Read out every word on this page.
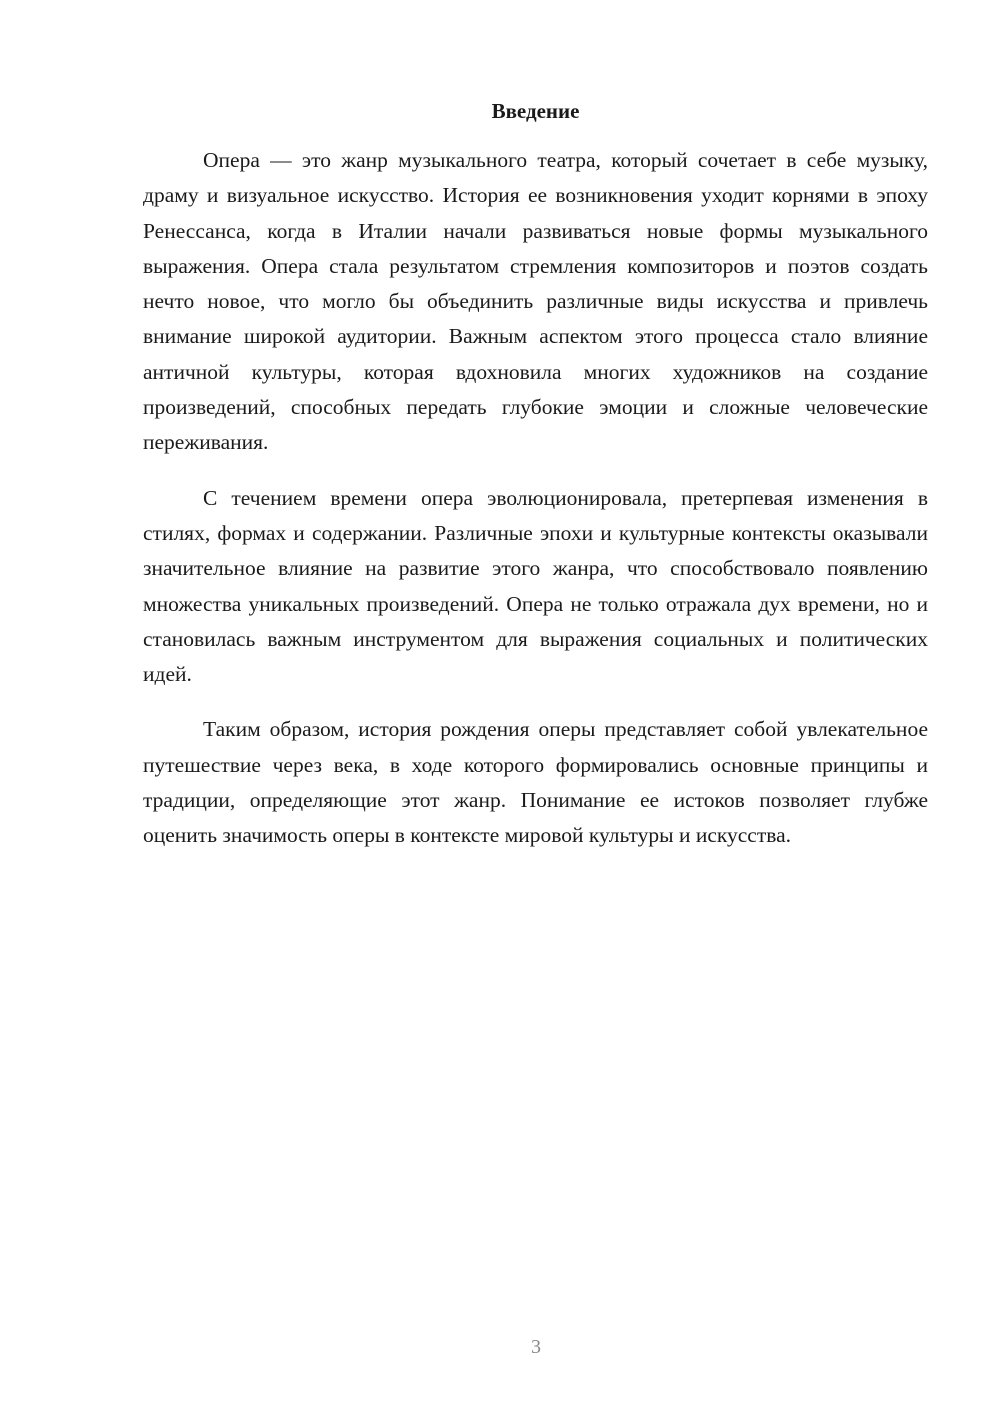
Введение

Опера — это жанр музыкального театра, который сочетает в себе музыку, драму и визуальное искусство. История ее возникновения уходит корнями в эпоху Ренессанса, когда в Италии начали развиваться новые формы музыкального выражения. Опера стала результатом стремления композиторов и поэтов создать нечто новое, что могло бы объединить различные виды искусства и привлечь внимание широкой аудитории. Важным аспектом этого процесса стало влияние античной культуры, которая вдохновила многих художников на создание произведений, способных передать глубокие эмоции и сложные человеческие переживания.

С течением времени опера эволюционировала, претерпевая изменения в стилях, формах и содержании. Различные эпохи и культурные контексты оказывали значительное влияние на развитие этого жанра, что способствовало появлению множества уникальных произведений. Опера не только отражала дух времени, но и становилась важным инструментом для выражения социальных и политических идей.

Таким образом, история рождения оперы представляет собой увлекательное путешествие через века, в ходе которого формировались основные принципы и традиции, определяющие этот жанр. Понимание ее истоков позволяет глубже оценить значимость оперы в контексте мировой культуры и искусства.

3
